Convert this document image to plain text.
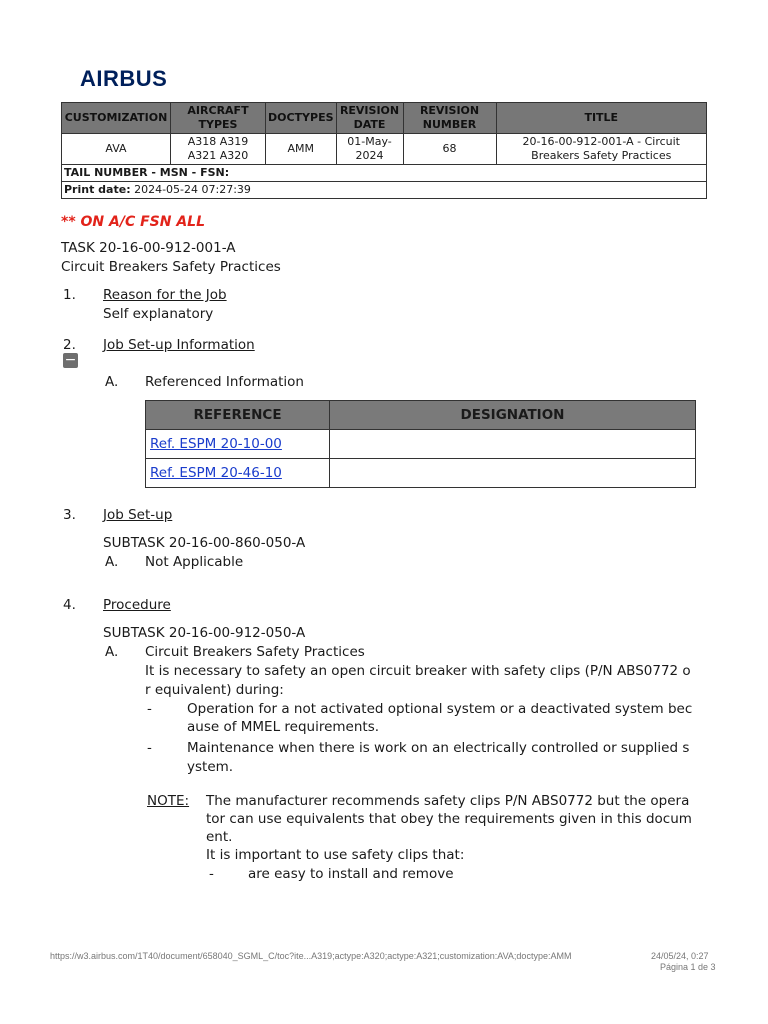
AIRBUS
CUSTOMIZATION	AIRCRAFT TYPES	DOCTYPES	REVISION DATE	REVISION NUMBER	TITLE
AVA	A318 A319 A321 A320	AMM	01-May-2024	68	20-16-00-912-001-A - Circuit Breakers Safety Practices
TAIL NUMBER - MSN - FSN:					
Print date: 2024-05-24 07:27:39					
** ON A/C FSN ALL
TASK 20-16-00-912-001-A
Circuit Breakers Safety Practices
1. Reason for the Job
Self explanatory
2. Job Set-up Information
−
A. Referenced Information
REFERENCE	DESIGNATION
Ref. ESPM 20-10-00	
Ref. ESPM 20-46-10	
3. Job Set-up
SUBTASK 20-16-00-860-050-A
A. Not Applicable
4. Procedure
SUBTASK 20-16-00-912-050-A
A. Circuit Breakers Safety Practices
It is necessary to safety an open circuit breaker with safety clips (P/N ABS0772 o
r equivalent) during:
-	Operation for a not activated optional system or a deactivated system bec
ause of MMEL requirements.
-	Maintenance when there is work on an electrically controlled or supplied s
ystem.
NOTE: The manufacturer recommends safety clips P/N ABS0772 but the opera
tor can use equivalents that obey the requirements given in this docum
ent.
It is important to use safety clips that:
-	are easy to install and remove
https://w3.airbus.com/1T40/document/658040_SGML_C/toc?ite...A319;actype:A320;actype:A321;customization:AVA;doctype:AMM	24/05/24, 0:27
Página 1 de 3
